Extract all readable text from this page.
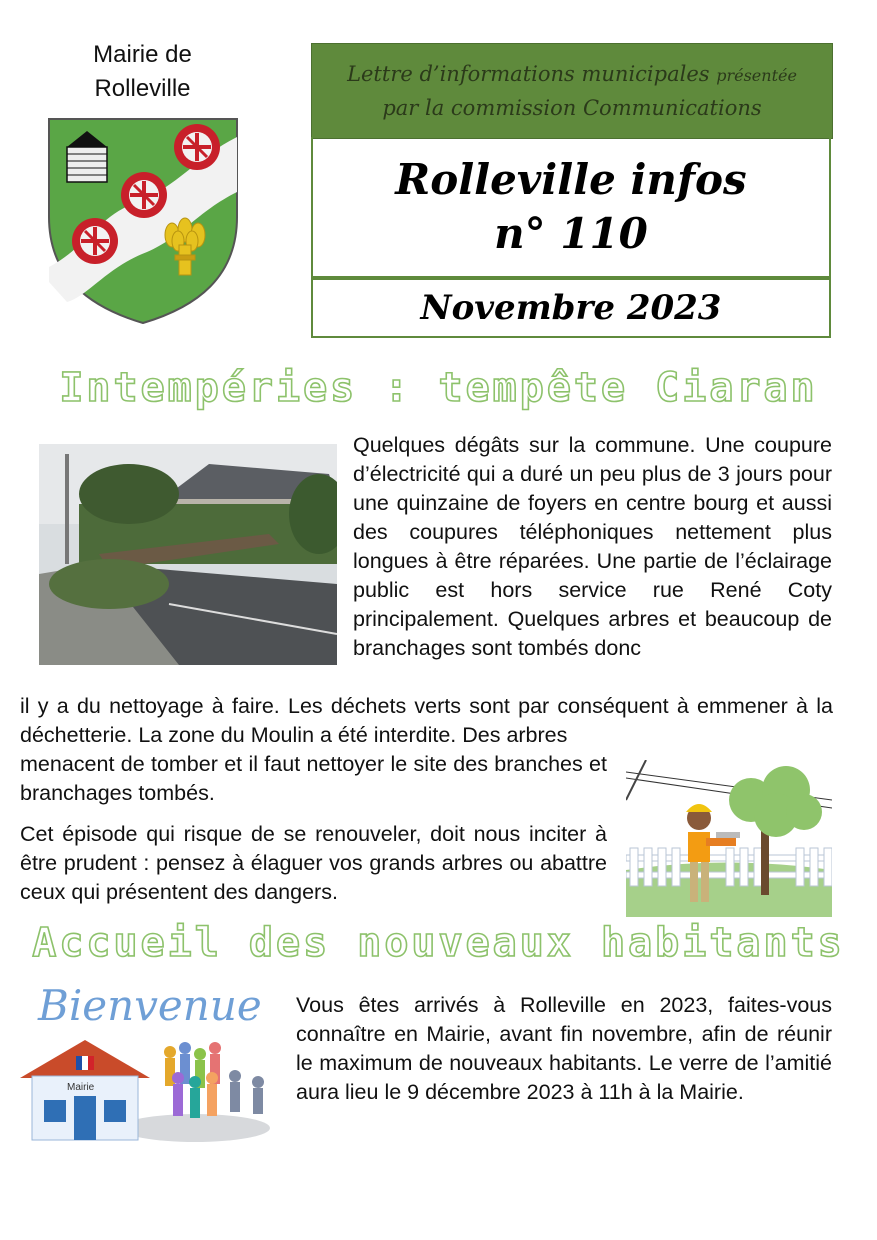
Mairie de
Rolleville
Lettre d’informations municipales présentée
par la commission Communications
Rolleville infos
n° 110
Novembre 2023
Intempéries : tempête Ciaran
Quelques dégâts sur la commune. Une coupure d’électricité qui a duré un peu plus de 3 jours pour une quinzaine de foyers en centre bourg et aussi des coupures téléphoniques nettement plus longues à être réparées. Une partie de l’éclairage public est hors service rue René Coty principalement. Quelques arbres et beaucoup de branchages sont tombés donc
il y a du nettoyage à faire. Les déchets verts sont par conséquent à emmener à la déchetterie. La zone du Moulin a été interdite. Des arbres
menacent de tomber et il faut nettoyer le site des branches et branchages tombés.
Cet épisode qui risque de se renouveler, doit nous inciter à être prudent : pensez à élaguer vos grands arbres ou abattre ceux qui présentent des dangers.
Accueil des nouveaux habitants
Bienvenue
Mairie
Vous êtes arrivés à Rolleville en 2023, faites-vous connaître en Mairie, avant fin novembre, afin de réunir le maximum de nouveaux habitants. Le verre de l’amitié aura lieu le 9 décembre 2023 à 11h à la Mairie.
